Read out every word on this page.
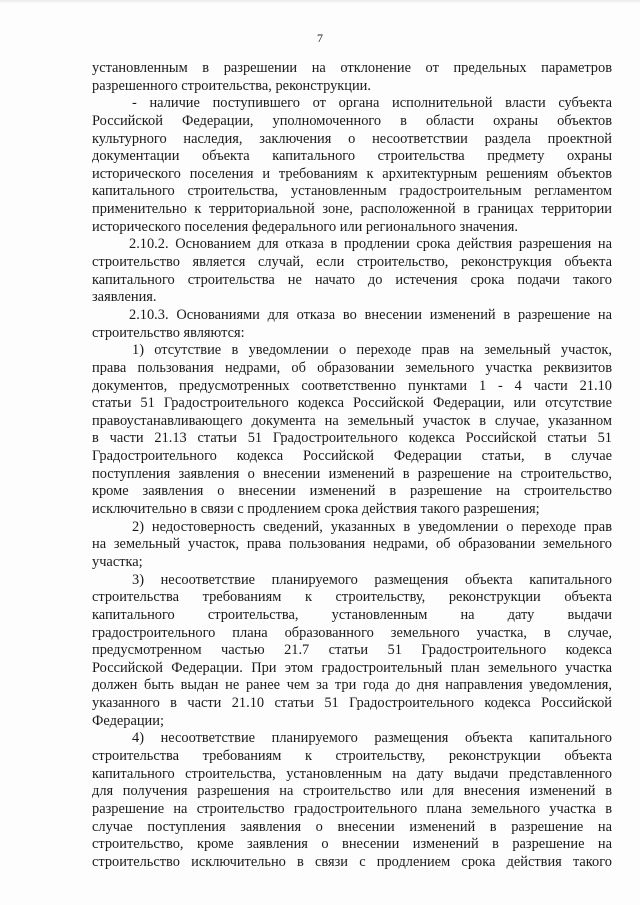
7
установленным в разрешении на отклонение от предельных параметров
разрешенного строительства, реконструкции.
- наличие поступившего от органа исполнительной власти субъекта
Российской Федерации, уполномоченного в области охраны объектов
культурного наследия, заключения о несоответствии раздела проектной
документации объекта капитального строительства предмету охраны
исторического поселения и требованиям к архитектурным решениям объектов
капитального строительства, установленным градостроительным регламентом
применительно к территориальной зоне, расположенной в границах территории
исторического поселения федерального или регионального значения.
2.10.2. Основанием для отказа в продлении срока действия разрешения на
строительство является случай, если строительство, реконструкция объекта
капитального строительства не начато до истечения срока подачи такого
заявления.
2.10.3. Основаниями для отказа во внесении изменений в разрешение на
строительство являются:
1) отсутствие в уведомлении о переходе прав на земельный участок,
права пользования недрами, об образовании земельного участка реквизитов
документов, предусмотренных соответственно пунктами 1 - 4 части 21.10
статьи 51 Градостроительного кодекса Российской Федерации, или отсутствие
правоустанавливающего документа на земельный участок в случае, указанном
в части 21.13 статьи 51 Градостроительного кодекса Российской статьи 51
Градостроительного кодекса Российской Федерации статьи, в случае
поступления заявления о внесении изменений в разрешение на строительство,
кроме заявления о внесении изменений в разрешение на строительство
исключительно в связи с продлением срока действия такого разрешения;
2) недостоверность сведений, указанных в уведомлении о переходе прав
на земельный участок, права пользования недрами, об образовании земельного
участка;
3) несоответствие планируемого размещения объекта капитального
строительства требованиям к строительству, реконструкции объекта
капитального строительства, установленным на дату выдачи
градостроительного плана образованного земельного участка, в случае,
предусмотренном частью 21.7 статьи 51 Градостроительного кодекса
Российской Федерации. При этом градостроительный план земельного участка
должен быть выдан не ранее чем за три года до дня направления уведомления,
указанного в части 21.10 статьи 51 Градостроительного кодекса Российской
Федерации;
4) несоответствие планируемого размещения объекта капитального
строительства требованиям к строительству, реконструкции объекта
капитального строительства, установленным на дату выдачи представленного
для получения разрешения на строительство или для внесения изменений в
разрешение на строительство градостроительного плана земельного участка в
случае поступления заявления о внесении изменений в разрешение на
строительство, кроме заявления о внесении изменений в разрешение на
строительство исключительно в связи с продлением срока действия такого
